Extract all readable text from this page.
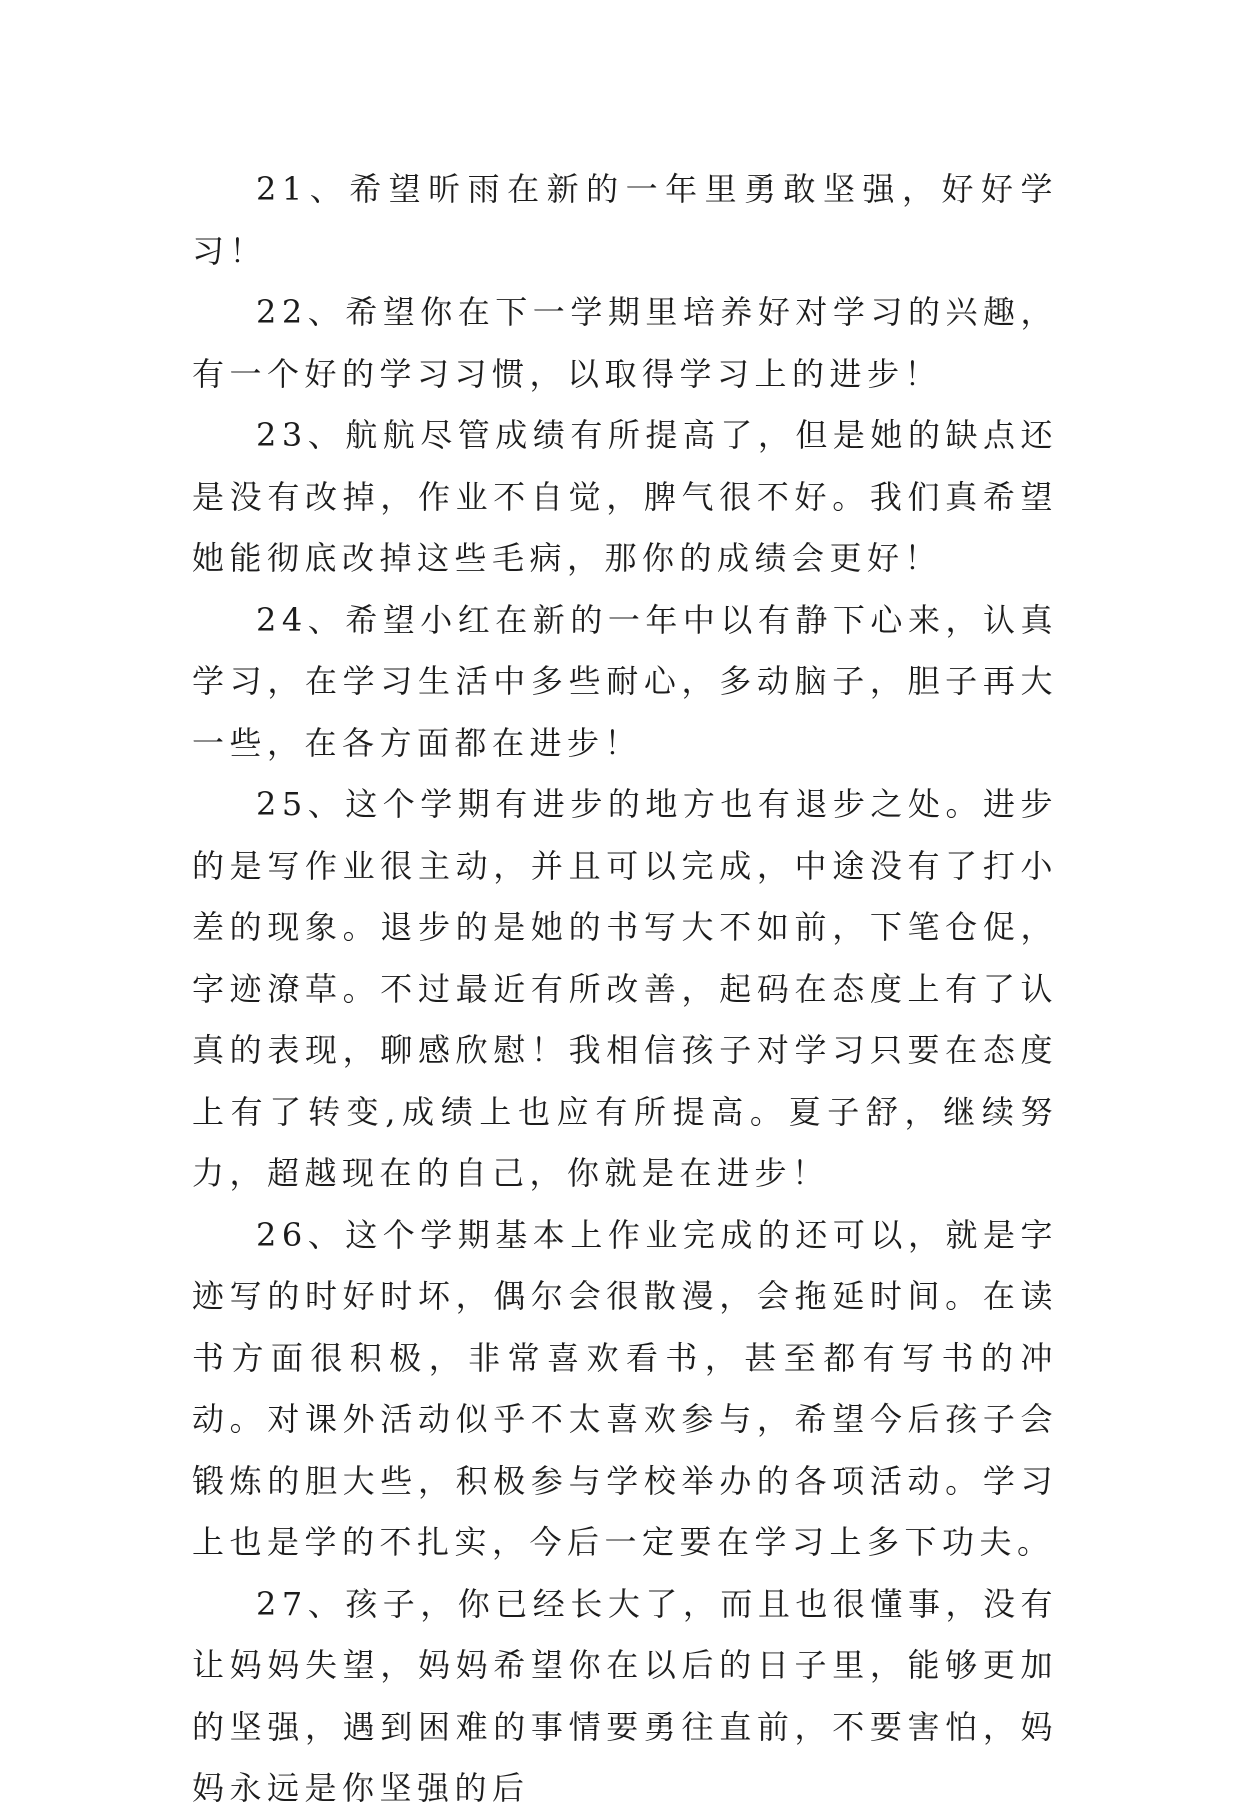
21、希望昕雨在新的一年里勇敢坚强，好好学习！

22、希望你在下一学期里培养好对学习的兴趣，有一个好的学习习惯，以取得学习上的进步！

23、航航尽管成绩有所提高了，但是她的缺点还是没有改掉，作业不自觉，脾气很不好。我们真希望她能彻底改掉这些毛病，那你的成绩会更好！

24、希望小红在新的一年中以有静下心来，认真学习，在学习生活中多些耐心，多动脑子，胆子再大一些，在各方面都在进步！

25、这个学期有进步的地方也有退步之处。进步的是写作业很主动，并且可以完成，中途没有了打小差的现象。退步的是她的书写大不如前，下笔仓促，字迹潦草。不过最近有所改善，起码在态度上有了认真的表现，聊感欣慰！我相信孩子对学习只要在态度上有了转变,成绩上也应有所提高。夏子舒，继续努力，超越现在的自己，你就是在进步！

26、这个学期基本上作业完成的还可以，就是字迹写的时好时坏，偶尔会很散漫，会拖延时间。在读书方面很积极，非常喜欢看书，甚至都有写书的冲动。对课外活动似乎不太喜欢参与，希望今后孩子会锻炼的胆大些，积极参与学校举办的各项活动。学习上也是学的不扎实，今后一定要在学习上多下功夫。

27、孩子，你已经长大了，而且也很懂事，没有让妈妈失望，妈妈希望你在以后的日子里，能够更加的坚强，遇到困难的事情要勇往直前，不要害怕，妈妈永远是你坚强的后
